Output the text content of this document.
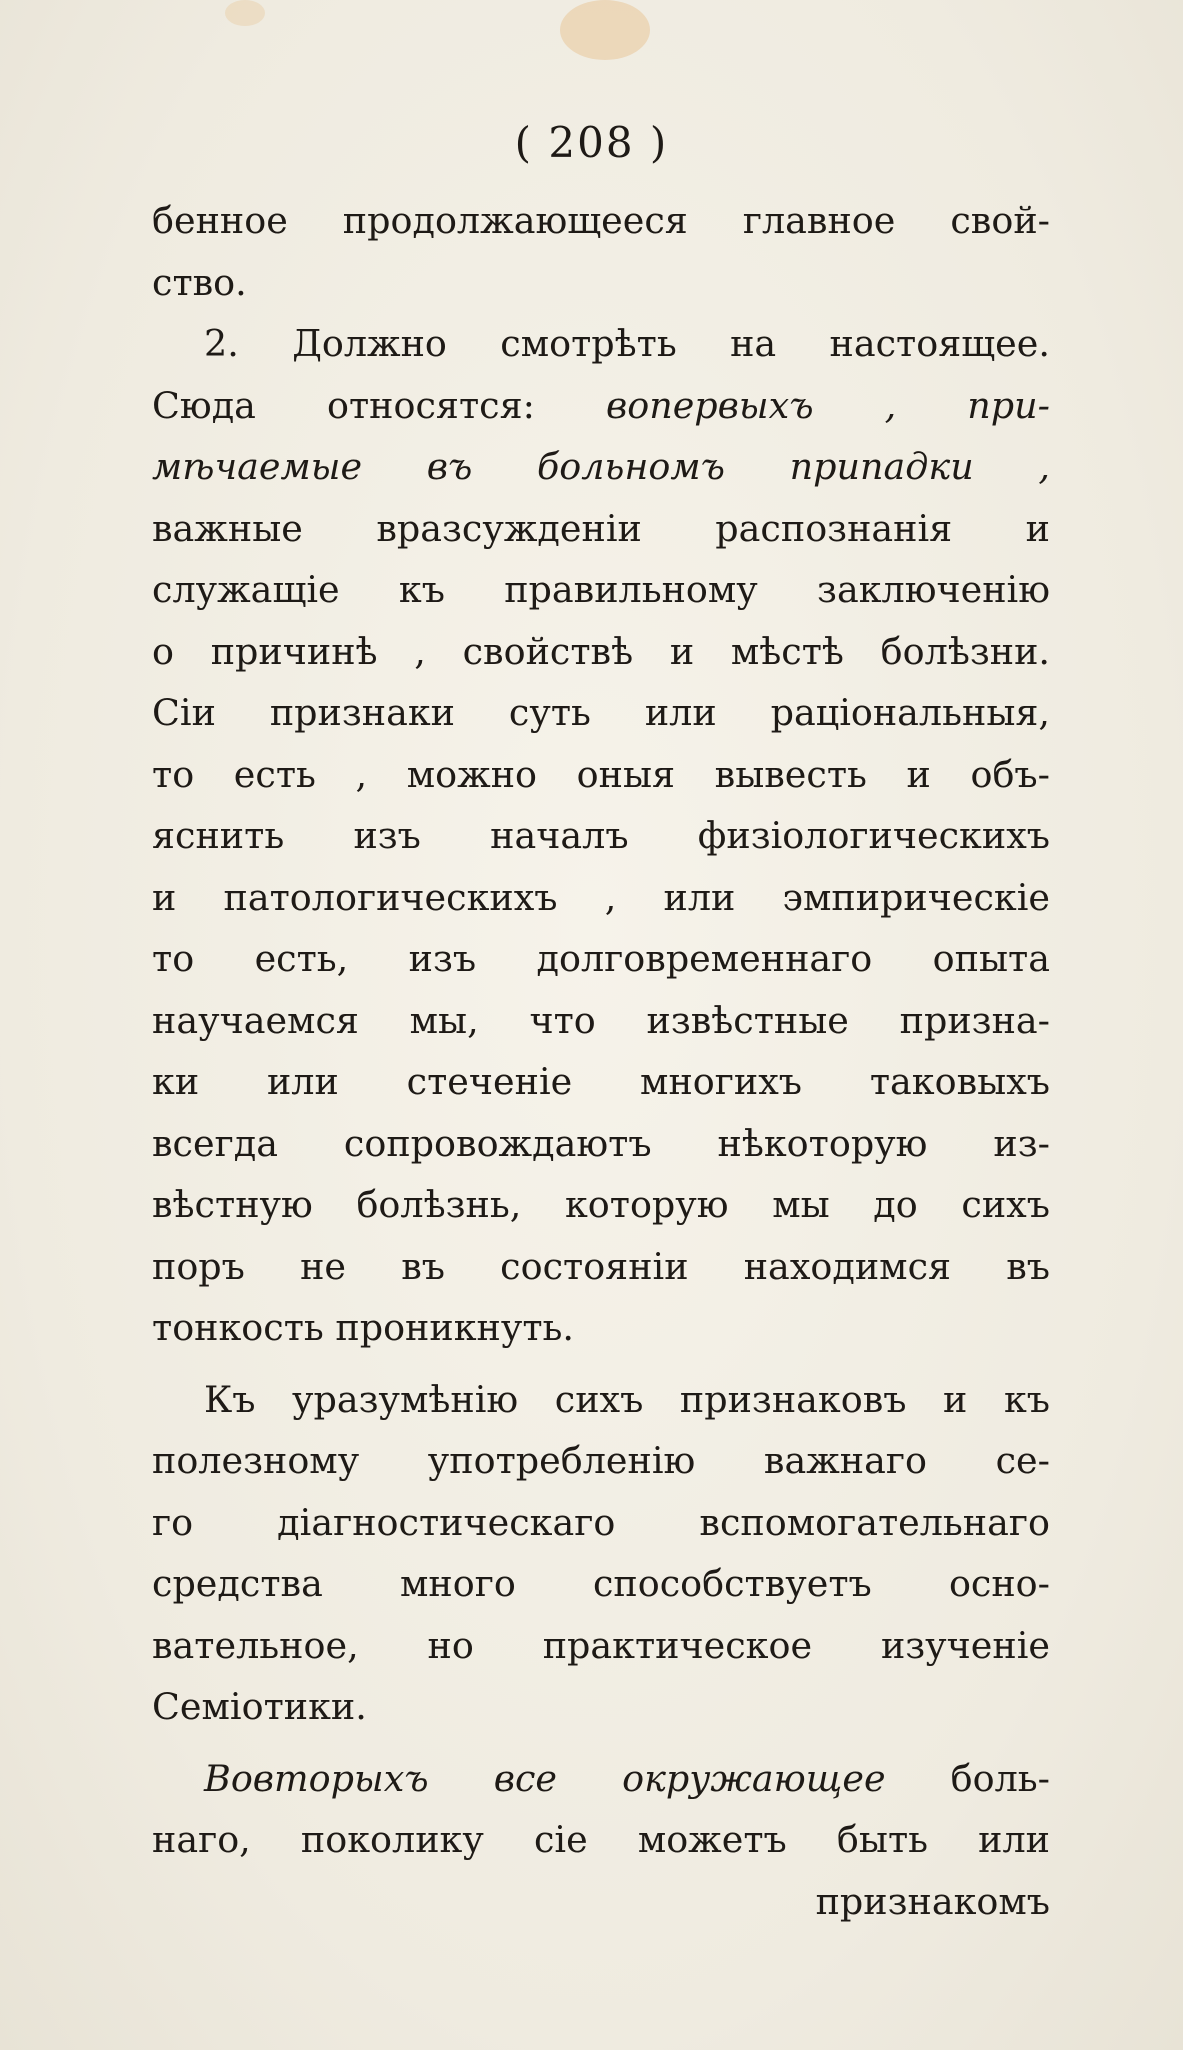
( 208 )
бенное продолжающееся главное свой-
ство.
2. Должно смотрѣть на настоящее.
Сюда относятся: вопервыхъ , при-
мѣчаемые въ больномъ припадки ,
важные вразсужденіи распознанія и
служащіе къ правильному заключенію
о причинѣ , свойствѣ и мѣстѣ болѣзни.
Сіи признаки суть или раціональныя,
то есть , можно оныя вывесть и объ-
яснить изъ началъ физіологическихъ
и патологическихъ , или эмпирическіе
то есть, изъ долговременнаго опыта
научаемся мы, что извѣстные призна-
ки или стеченіе многихъ таковыхъ
всегда сопровождаютъ нѣкоторую из-
вѣстную болѣзнь, которую мы до сихъ
поръ не въ состояніи находимся въ
тонкость проникнуть.
Къ уразумѣнію сихъ признаковъ и къ
полезному употребленію важнаго се-
го діагностическаго вспомогательнаго
средства много способствуетъ осно-
вательное, но практическое изученіе
Семіотики.
Вовторыхъ все окружающее боль-
наго, поколику сіе можетъ быть или
признакомъ
